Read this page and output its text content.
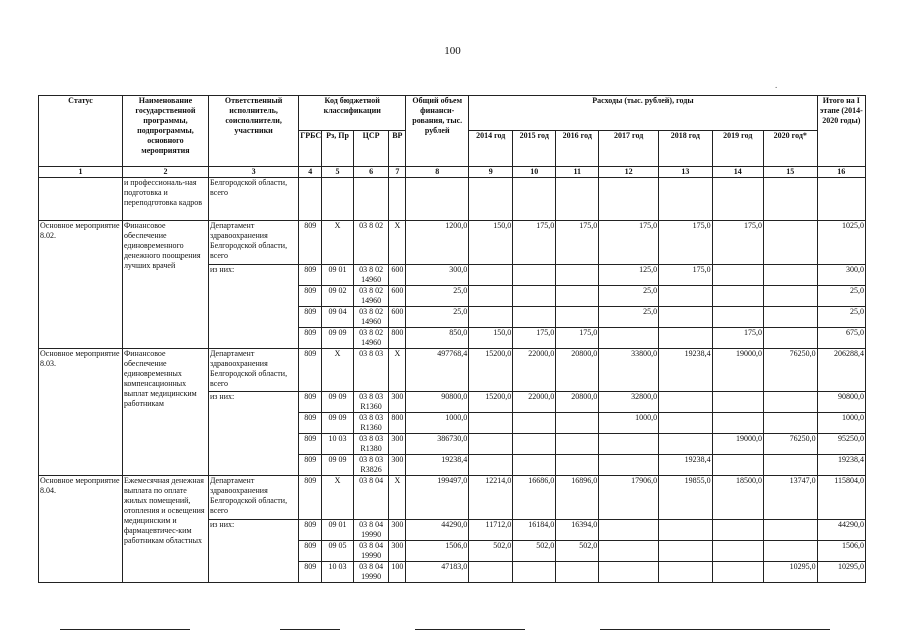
100
.
Статус	Наименование государственной программы, подпрограммы, основного мероприятия	Ответственный исполнитель, соисполнители, участники	Код бюджетной классификации				Общий объем финанси-рования, тыс. рублей	Расходы (тыс. рублей), годы							Итого на I этапе (2014-2020 годы)
			ГРБС	Рз, Пр	ЦСР	ВР		2014 год	2015 год	2016 год	2017 год	2018 год	2019 год	2020 год*	
1	2	3	4	5	6	7	8	9	10	11	12	13	14	15	16
	и профессиональ-ная подготовка и переподготовка кадров	Белгородской области, всего													
Основное мероприятие 8.02.	Финансовое обеспечение единовременного денежного поощрения лучших врачей	Департамент здравоохранения Белгородской области, всего	809	Х	03 8 02	Х	1200,0	150,0	175,0	175,0	175,0	175,0	175,0		1025,0
		из них:	809	09 01	03 8 02 14960	600	300,0				125,0	175,0			300,0
			809	09 02	03 8 02 14960	600	25,0				25,0				25,0
			809	09 04	03 8 02 14960	600	25,0				25,0				25,0
			809	09 09	03 8 02 14960	800	850,0	150,0	175,0	175,0			175,0		675,0
Основное мероприятие 8.03.	Финансовое обеспечение единовременных компенсационных выплат медицинским работникам	Департамент здравоохранения Белгородской области, всего	809	Х	03 8 03	Х	497768,4	15200,0	22000,0	20800,0	33800,0	19238,4	19000,0	76250,0	206288,4
		из них:	809	09 09	03 8 03 R1360	300	90800,0	15200,0	22000,0	20800,0	32800,0				90800,0
			809	09 09	03 8 03 R1360	800	1000,0				1000,0				1000,0
			809	10 03	03 8 03 R1380	300	386730,0						19000,0	76250,0	95250,0
			809	09 09	03 8 03 R3826	300	19238,4					19238,4			19238,4
Основное мероприятие 8.04.	Ежемесячная денежная выплата по оплате жилых помещений, отопления и освещения медицинским и фармацевтичес-ким работникам областных	Департамент здравоохранения Белгородской области, всего	809	Х	03 8 04	Х	199497,0	12214,0	16686,0	16896,0	17906,0	19855,0	18500,0	13747,0	115804,0
		из них:	809	09 01	03 8 04 19990	300	44290,0	11712,0	16184,0	16394,0					44290,0
			809	09 05	03 8 04 19990	300	1506,0	502,0	502,0	502,0					1506,0
			809	10 03	03 8 04 19990	100	47183,0							10295,0	10295,0
